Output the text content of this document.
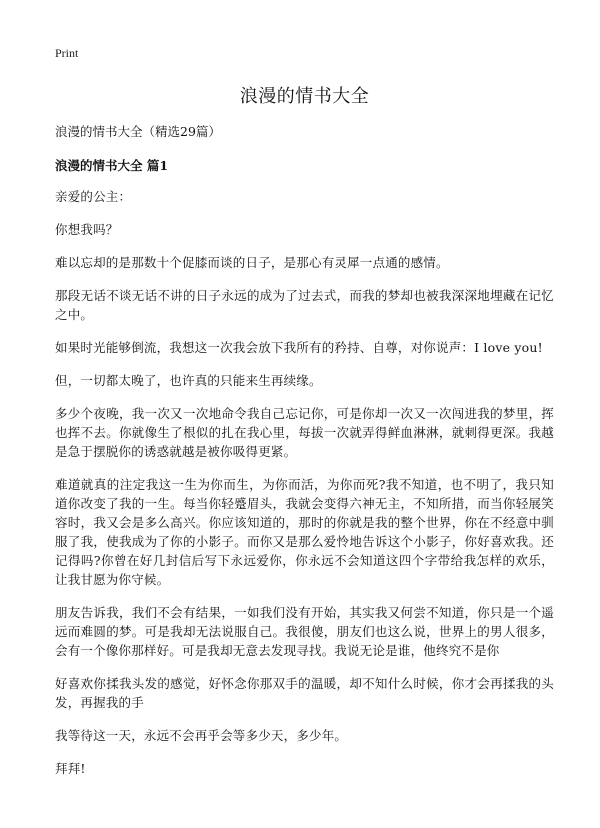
Print
浪漫的情书大全
浪漫的情书大全（精选29篇）
浪漫的情书大全 篇1

亲爱的公主：

你想我吗？

难以忘却的是那数十个促膝而谈的日子，是那心有灵犀一点通的感情。

那段无话不谈无话不讲的日子永远的成为了过去式，而我的梦却也被我深深地埋藏在记忆之中。

如果时光能够倒流，我想这一次我会放下我所有的矜持、自尊，对你说声：I love you!

但，一切都太晚了，也许真的只能来生再续缘。

多少个夜晚，我一次又一次地命令我自己忘记你，可是你却一次又一次闯进我的梦里，挥也挥不去。你就像生了根似的扎在我心里，每拔一次就弄得鲜血淋淋，就刺得更深。我越是急于摆脱你的诱惑就越是被你吸得更紧。

难道就真的注定我这一生为你而生，为你而活，为你而死?我不知道，也不明了，我只知道你改变了我的一生。每当你轻蹙眉头，我就会变得六神无主，不知所措，而当你轻展笑容时，我又会是多么高兴。你应该知道的，那时的你就是我的整个世界，你在不经意中驯服了我，使我成为了你的小影子。而你又是那么爱怜地告诉这个小影子，你好喜欢我。还记得吗?你曾在好几封信后写下永远爱你，你永远不会知道这四个字带给我怎样的欢乐，让我甘愿为你守候。

朋友告诉我，我们不会有结果，一如我们没有开始，其实我又何尝不知道，你只是一个遥远而难圆的梦。可是我却无法说服自己。我很傻，朋友们也这么说，世界上的男人很多，会有一个像你那样好。可是我却无意去发现寻找。我说无论是谁，他终究不是你

好喜欢你揉我头发的感觉，好怀念你那双手的温暖，却不知什么时候，你才会再揉我的头发，再握我的手

我等待这一天，永远不会再乎会等多少天，多少年。

拜拜!
